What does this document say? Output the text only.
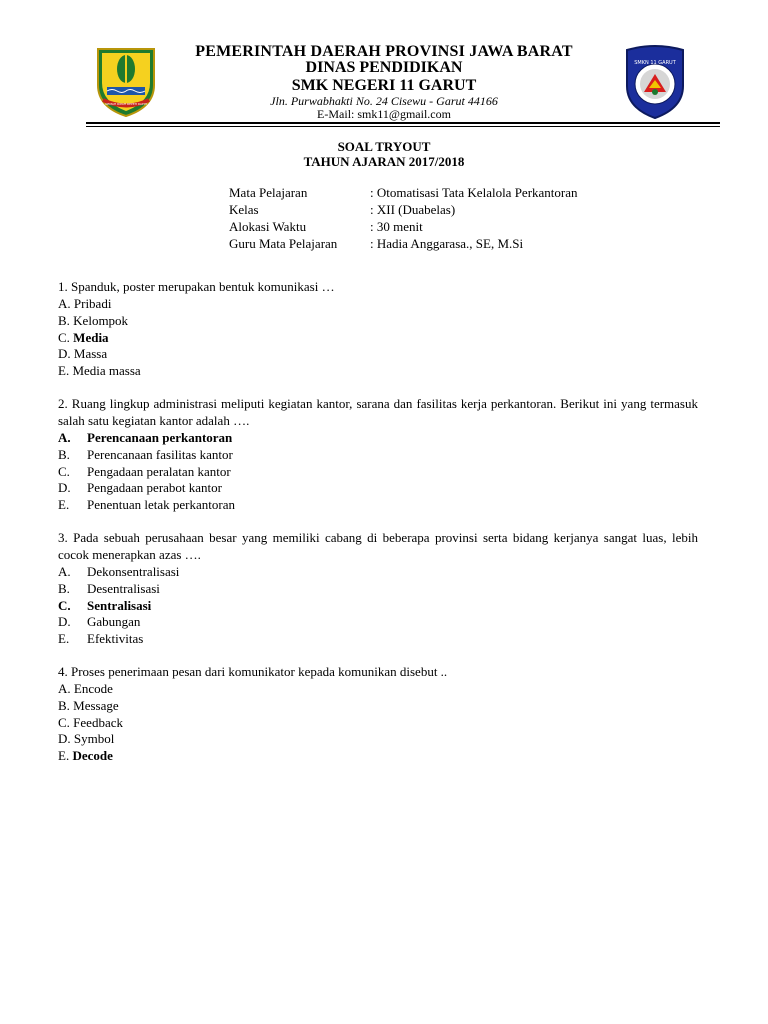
GEMAH RIPAH REPEH RAPIH
SMKN 11 GARUT
PEMERINTAH DAERAH PROVINSI JAWA BARAT
DINAS PENDIDIKAN
SMK NEGERI 11 GARUT
Jln. Purwabhakti No. 24 Cisewu - Garut 44166
E-Mail: smk11@gmail.com
SOAL TRYOUT
TAHUN AJARAN 2017/2018
Mata Pelajaran	: Otomatisasi Tata Kelalola Perkantoran
Kelas	: XII (Duabelas)
Alokasi Waktu	: 30 menit
Guru Mata Pelajaran	: Hadia Anggarasa., SE, M.Si
1. Spanduk, poster merupakan bentuk komunikasi …
A. Pribadi
B. Kelompok
C. Media
D. Massa
E. Media massa
2. Ruang lingkup administrasi meliputi kegiatan kantor, sarana dan fasilitas kerja perkantoran. Berikut ini yang termasuk salah satu kegiatan kantor adalah ….
A. Perencanaan perkantoran
B. Perencanaan fasilitas kantor
C. Pengadaan peralatan kantor
D. Pengadaan perabot kantor
E. Penentuan letak perkantoran
3. Pada sebuah perusahaan besar yang memiliki cabang di beberapa provinsi serta bidang kerjanya sangat luas, lebih cocok menerapkan azas ….
A. Dekonsentralisasi
B. Desentralisasi
C. Sentralisasi
D. Gabungan
E. Efektivitas
4. Proses penerimaan pesan dari komunikator kepada komunikan disebut ..
A. Encode
B. Message
C. Feedback
D. Symbol
E. Decode
